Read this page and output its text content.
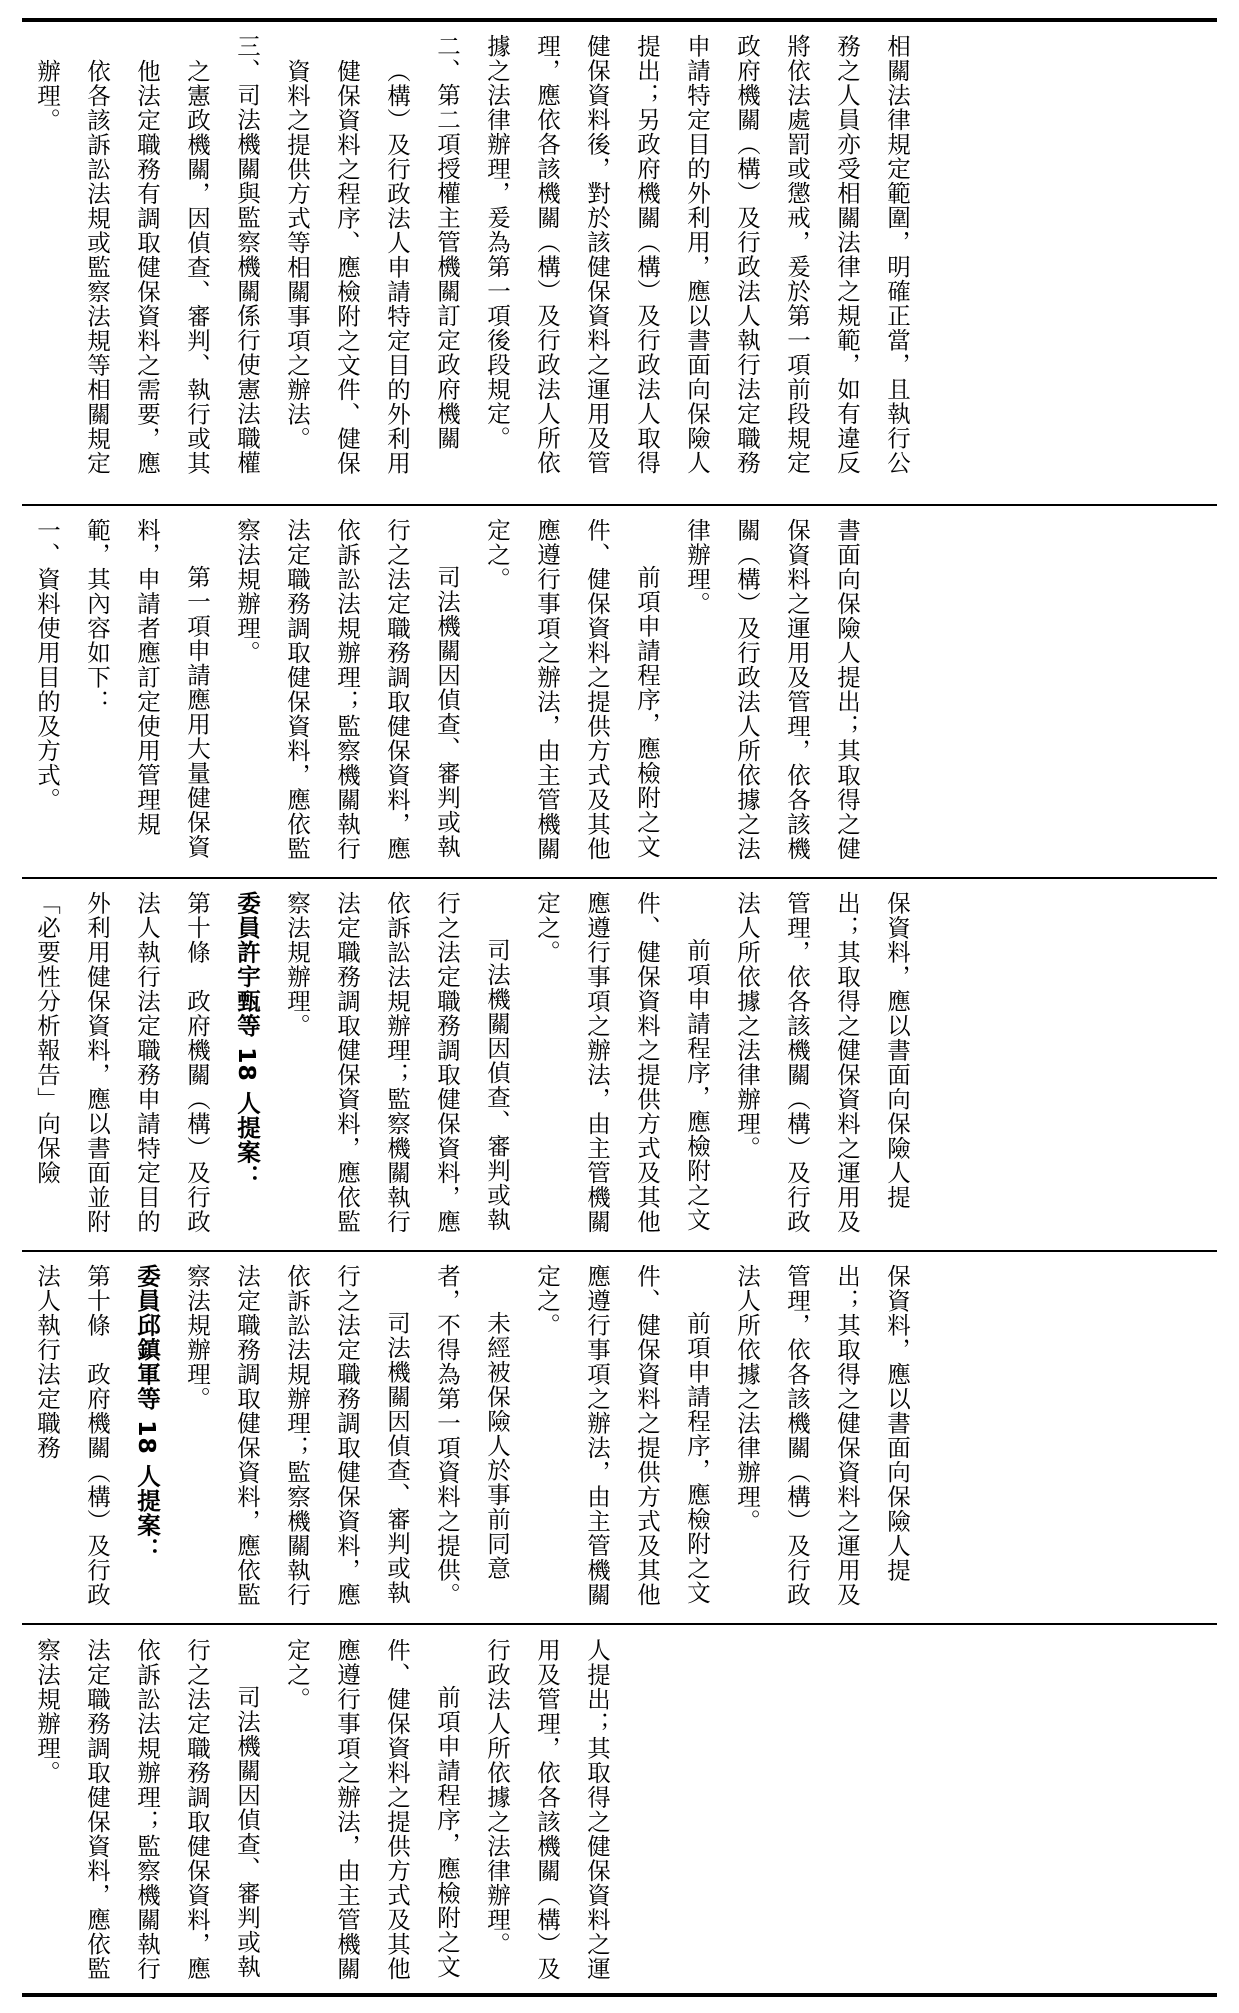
人提出；其取得之健保資料之運用及管理，依各該機關（構）及行政法人所依據之法律辦理。

前項申請程序，應檢附之文件、健保資料之提供方式及其他應遵行事項之辦法，由主管機關定之。

司法機關因偵查、審判或執行之法定職務調取健保資料，應依訴訟法規辦理；監察機關執行法定職務調取健保資料，應依監察法規辦理。

保資料，應以書面向保險人提出；其取得之健保資料之運用及管理，依各該機關（構）及行政法人所依據之法律辦理。

前項申請程序，應檢附之文件、健保資料之提供方式及其他應遵行事項之辦法，由主管機關定之。

未經被保險人於事前同意者，不得為第一項資料之提供。

司法機關因偵查、審判或執行之法定職務調取健保資料，應依訴訟法規辦理；監察機關執行法定職務調取健保資料，應依監察法規辦理。

委員邱鎮軍等 18 人提案：

第十條　政府機關（構）及行政法人執行法定職務

保資料，應以書面向保險人提出；其取得之健保資料之運用及管理，依各該機關（構）及行政法人所依據之法律辦理。

前項申請程序，應檢附之文件、健保資料之提供方式及其他應遵行事項之辦法，由主管機關定之。

司法機關因偵查、審判或執行之法定職務調取健保資料，應依訴訟法規辦理；監察機關執行法定職務調取健保資料，應依監察法規辦理。

委員許宇甄等 18 人提案：

第十條　政府機關（構）及行政法人執行法定職務申請特定目的外利用健保資料，應以書面並附「必要性分析報告」向保險

書面向保險人提出；其取得之健保資料之運用及管理，依各該機關（構）及行政法人所依據之法律辦理。

前項申請程序，應檢附之文件、健保資料之提供方式及其他應遵行事項之辦法，由主管機關定之。

司法機關因偵查、審判或執行之法定職務調取健保資料，應依訴訟法規辦理；監察機關執行法定職務調取健保資料，應依監察法規辦理。

第一項申請應用大量健保資料，申請者應訂定使用管理規範，其內容如下：

一、資料使用目的及方式。

相關法律規定範圍，明確正當，且執行公務之人員亦受相關法律之規範，如有違反將依法處罰或懲戒，爰於第一項前段規定政府機關（構）及行政法人執行法定職務申請特定目的外利用，應以書面向保險人提出；另政府機關（構）及行政法人取得健保資料後，對於該健保資料之運用及管理，應依各該機關（構）及行政法人所依據之法律辦理，爰為第一項後段規定。

二、第二項授權主管機關訂定政府機關（構）及行政法人申請特定目的外利用健保資料之程序、應檢附之文件、健保資料之提供方式等相關事項之辦法。

三、司法機關與監察機關係行使憲法職權之憲政機關，因偵查、審判、執行或其他法定職務有調取健保資料之需要，應依各該訴訟法規或監察法規等相關規定辦理。
